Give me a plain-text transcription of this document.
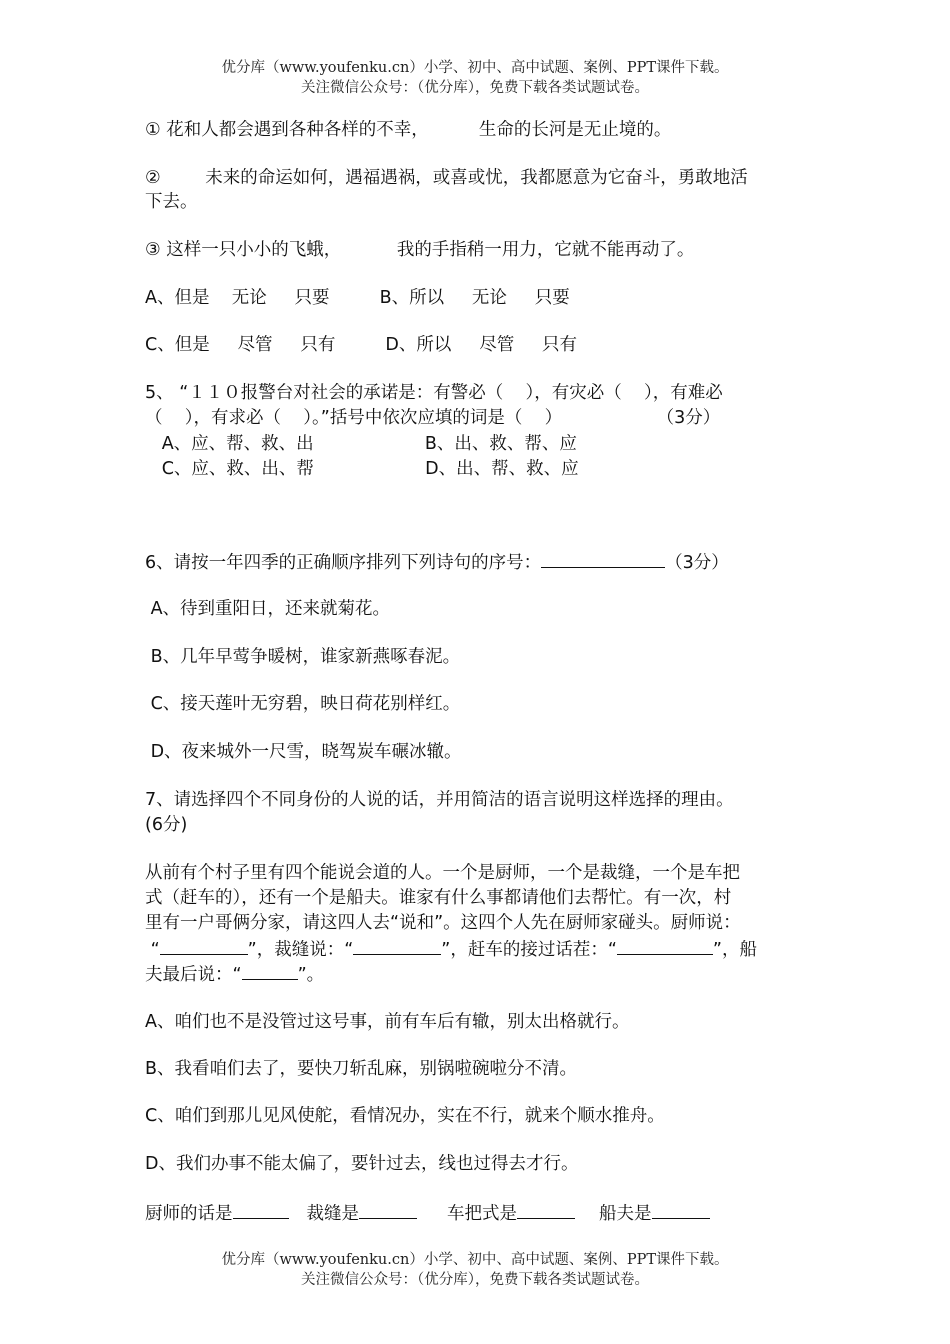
优分库（www.youfenku.cn）小学、初中、高中试题、案例、PPT课件下载。
关注微信公众号：（优分库），免费下载各类试题试卷。
① 花和人都会遇到各种各样的不幸，         生命的长河是无止境的。
②        未来的命运如何，遇福遇祸，或喜或忧，我都愿意为它奋斗，勇敢地活
下去。
③ 这样一只小小的飞蛾，          我的手指稍一用力，它就不能再动了。
A、但是    无论     只要         B、所以     无论     只要
C、但是     尽管     只有         D、所以     尽管     只有
5、 “１１０报警台对社会的承诺是：有警必（    ），有灾必（    ），有难必
（    ），有求必（    ）。”括号中依次应填的词是（    ）                 （3分）
A、应、帮、救、出                    B、出、救、帮、应
C、应、救、出、帮                    D、出、帮、救、应
6、请按一年四季的正确顺序排列下列诗句的序号：	（3分）
A、待到重阳日，还来就菊花。
B、几年早莺争暖树，谁家新燕啄春泥。
C、接天莲叶无穷碧，映日荷花别样红。
D、夜来城外一尺雪，晓驾炭车碾冰辙。
7、请选择四个不同身份的人说的话，并用简洁的语言说明这样选择的理由。
(6分)
从前有个村子里有四个能说会道的人。一个是厨师，一个是裁缝，一个是车把
式（赶车的），还有一个是船夫。谁家有什么事都请他们去帮忙。有一次，村
里有一户哥俩分家，请这四人去“说和”。这四个人先在厨师家碰头。厨师说：
“	”，裁缝说：“	”，赶车的接过话茬：“	”，船
夫最后说：“	”。
A、咱们也不是没管过这号事，前有车后有辙，别太出格就行。
B、我看咱们去了，要快刀斩乱麻，别锅啦碗啦分不清。
C、咱们到那儿见风使舵，看情况办，实在不行，就来个顺水推舟。
D、我们办事不能太偏了，要针过去，线也过得去才行。
厨师的话是	裁缝是	车把式是	船夫是
优分库（www.youfenku.cn）小学、初中、高中试题、案例、PPT课件下载。
关注微信公众号：（优分库），免费下载各类试题试卷。
